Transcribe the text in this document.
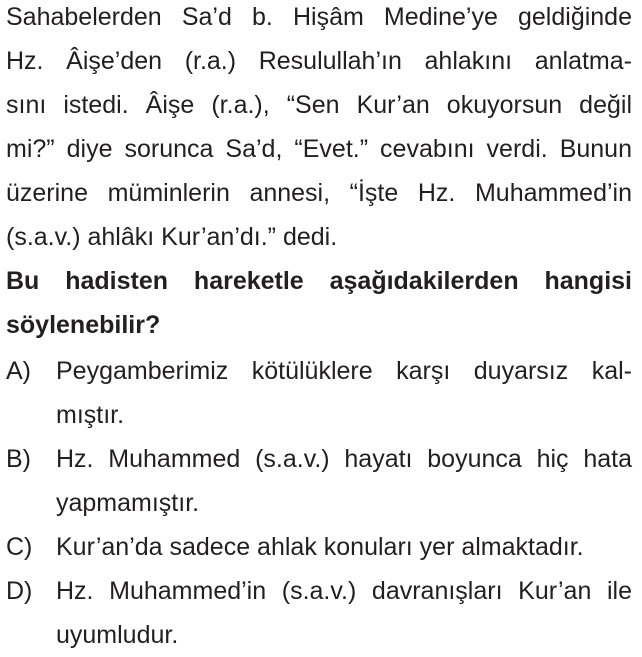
Sahabelerden Sa’d b. Hişâm Medine’ye geldiğinde
Hz. Âişe’den (r.a.) Resulullah’ın ahlakını anlatma-
sını istedi. Âişe (r.a.), “Sen Kur’an okuyorsun değil
mi?” diye sorunca Sa’d, “Evet.” cevabını verdi. Bunun
üzerine müminlerin annesi, “İşte Hz. Muhammed’in
(s.a.v.) ahlâkı Kur’an’dı.” dedi.
Bu hadisten hareketle aşağıdakilerden hangisi
söylenebilir?
A) Peygamberimiz kötülüklere karşı duyarsız kal-
mıştır.
B) Hz. Muhammed (s.a.v.) hayatı boyunca hiç hata
yapmamıştır.
C) Kur’an’da sadece ahlak konuları yer almaktadır.
D) Hz. Muhammed’in (s.a.v.) davranışları Kur’an ile
uyumludur.
